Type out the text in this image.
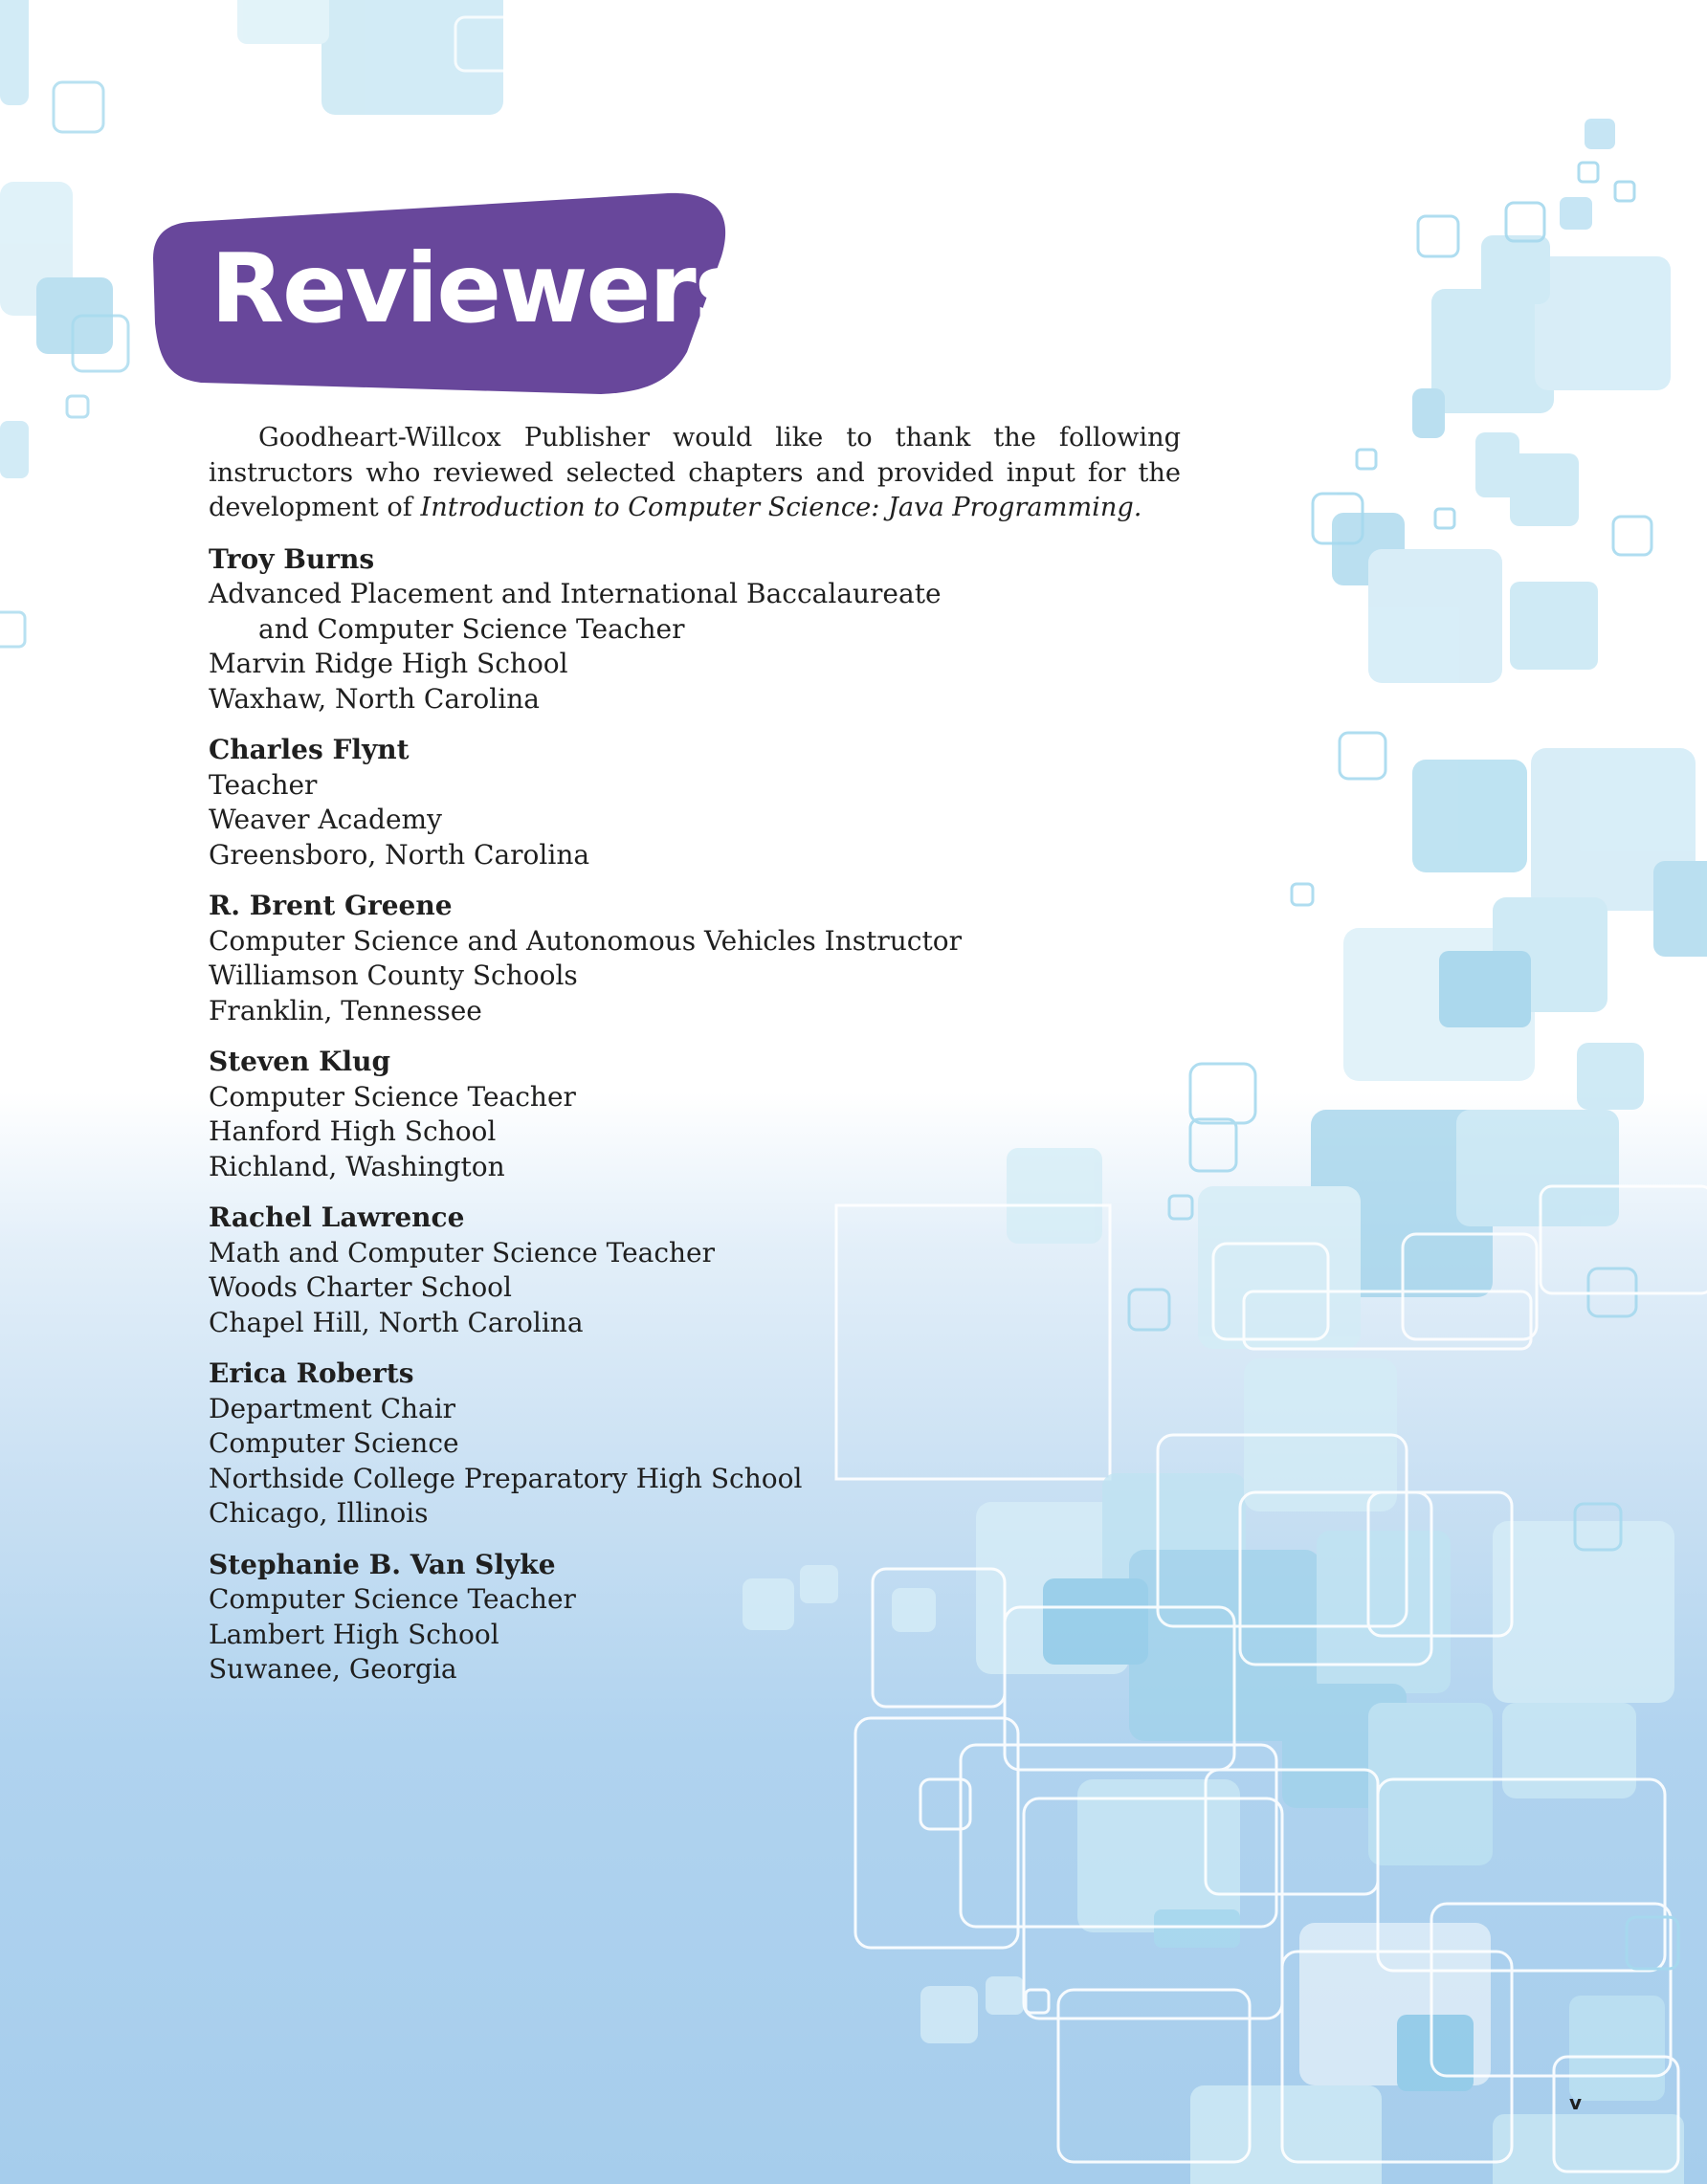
Reviewers

Goodheart-Willcox Publisher would like to thank the following instructors who reviewed selected chapters and provided input for the development of Introduction to Computer Science: Java Programming.

Troy Burns
Advanced Placement and International Baccalaureate
and Computer Science Teacher
Marvin Ridge High School
Waxhaw, North Carolina
Charles Flynt
Teacher
Weaver Academy
Greensboro, North Carolina
R. Brent Greene
Computer Science and Autonomous Vehicles Instructor
Williamson County Schools
Franklin, Tennessee
Steven Klug
Computer Science Teacher
Hanford High School
Richland, Washington
Rachel Lawrence
Math and Computer Science Teacher
Woods Charter School
Chapel Hill, North Carolina
Erica Roberts
Department Chair
Computer Science
Northside College Preparatory High School
Chicago, Illinois
Stephanie B. Van Slyke
Computer Science Teacher
Lambert High School
Suwanee, Georgia
v
